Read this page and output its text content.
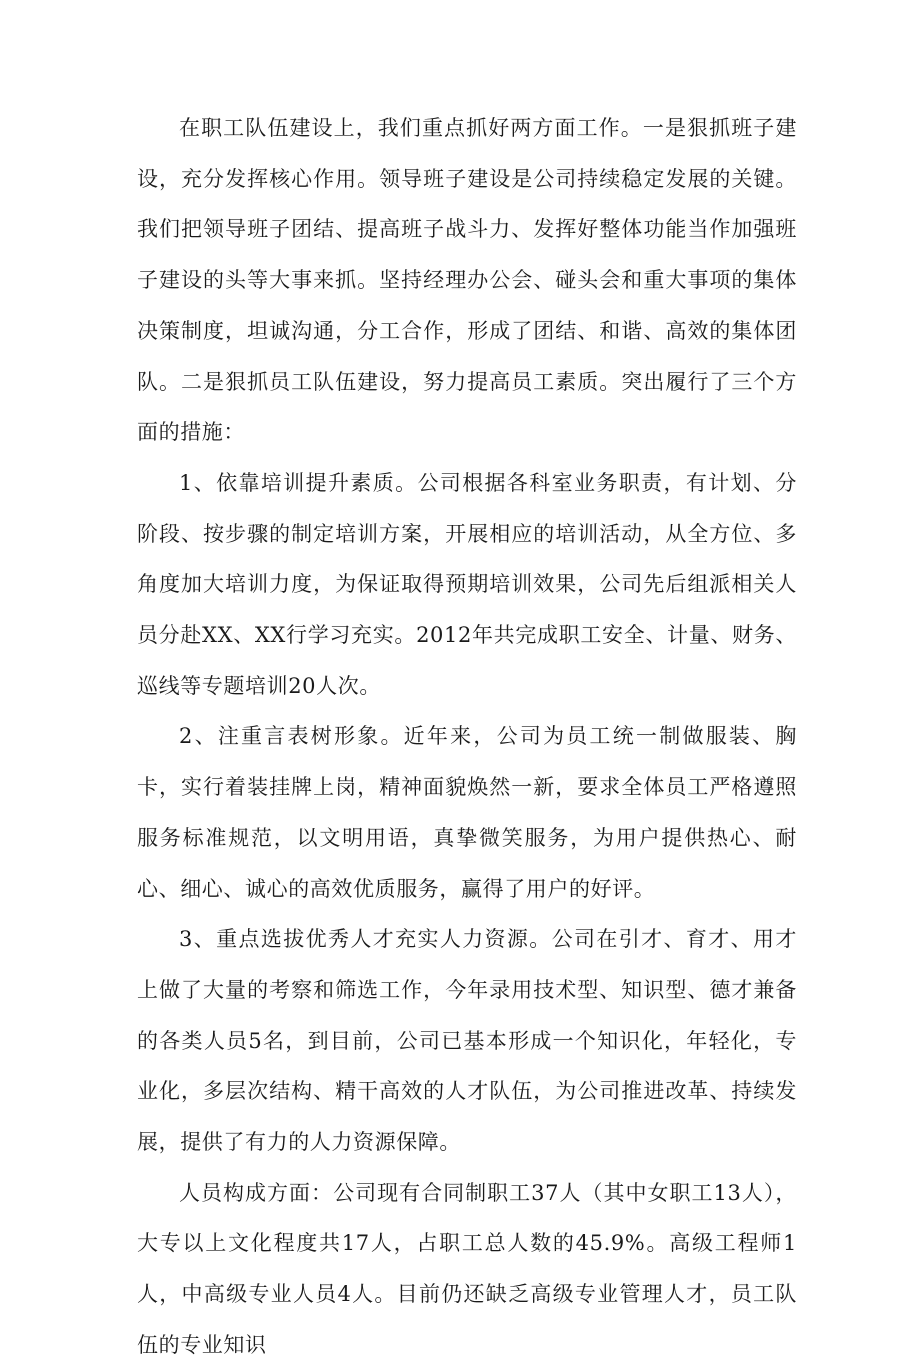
在职工队伍建设上，我们重点抓好两方面工作。一是狠抓班子建设，充分发挥核心作用。领导班子建设是公司持续稳定发展的关键。我们把领导班子团结、提高班子战斗力、发挥好整体功能当作加强班子建设的头等大事来抓。坚持经理办公会、碰头会和重大事项的集体决策制度，坦诚沟通，分工合作，形成了团结、和谐、高效的集体团队。二是狠抓员工队伍建设，努力提高员工素质。突出履行了三个方面的措施：

1、依靠培训提升素质。公司根据各科室业务职责，有计划、分阶段、按步骤的制定培训方案，开展相应的培训活动，从全方位、多角度加大培训力度，为保证取得预期培训效果，公司先后组派相关人员分赴XX、XX行学习充实。2012年共完成职工安全、计量、财务、巡线等专题培训20人次。

2、注重言表树形象。近年来，公司为员工统一制做服装、胸卡，实行着装挂牌上岗，精神面貌焕然一新，要求全体员工严格遵照服务标准规范，以文明用语，真挚微笑服务，为用户提供热心、耐心、细心、诚心的高效优质服务，赢得了用户的好评。

3、重点选拔优秀人才充实人力资源。公司在引才、育才、用才上做了大量的考察和筛选工作，今年录用技术型、知识型、德才兼备的各类人员5名，到目前，公司已基本形成一个知识化，年轻化，专业化，多层次结构、精干高效的人才队伍，为公司推进改革、持续发展，提供了有力的人力资源保障。

人员构成方面：公司现有合同制职工37人（其中女职工13人），大专以上文化程度共17人，占职工总人数的45.9%。高级工程师1人，中高级专业人员4人。目前仍还缺乏高级专业管理人才，员工队伍的专业知识
